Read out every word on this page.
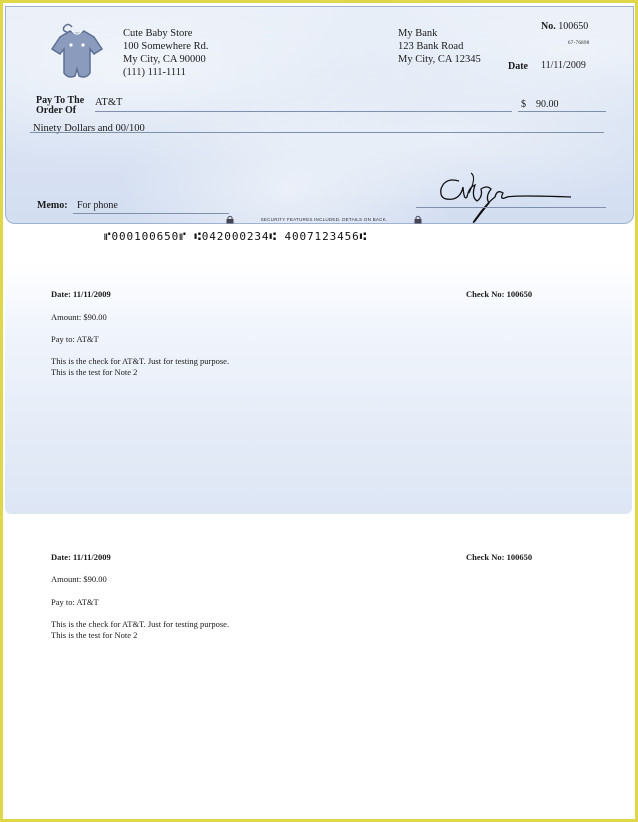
Cute Baby Store
100 Somewhere Rd.
My City, CA 90000
(111) 111-1111
My Bank
123 Bank Road
My City, CA 12345
No. 100650
67-76890
Date 11/11/2009
Pay To The
Order Of
AT&T	$ 90.00
Ninety Dollars and 00/100
Memo: For phone
SECURITY FEATURES INCLUDED. DETAILS ON BACK.
⑈000100650⑈ ⑆042000234⑆ 4007123456⑆
Date: 11/11/2009	Check No: 100650
Amount: $90.00
Pay to: AT&T
This is the check for AT&T. Just for testing purpose.
This is the test for Note 2
Date: 11/11/2009	Check No: 100650
Amount: $90.00
Pay to: AT&T
This is the check for AT&T. Just for testing purpose.
This is the test for Note 2
